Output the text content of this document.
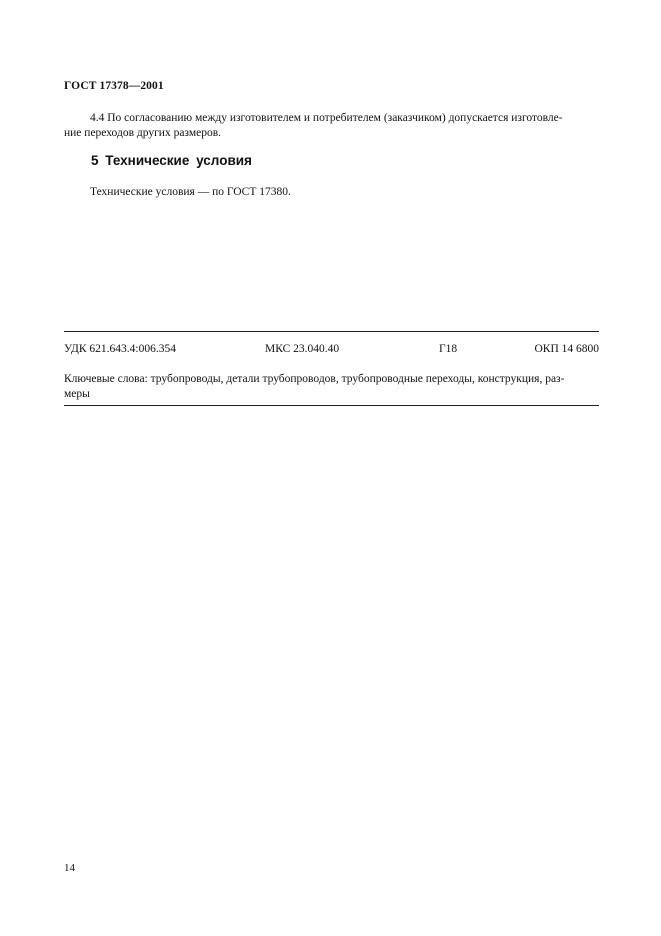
ГОСТ 17378—2001
4.4 По согласованию между изготовителем и потребителем (заказчиком) допускается изготовле-
ние переходов других размеров.
5 Технические условия
Технические условия — по ГОСТ 17380.
УДК 621.643.4:006.354	МКС 23.040.40	Г18	ОКП 14 6800
Ключевые слова: трубопроводы, детали трубопроводов, трубопроводные переходы, конструкция, раз-
меры
14
